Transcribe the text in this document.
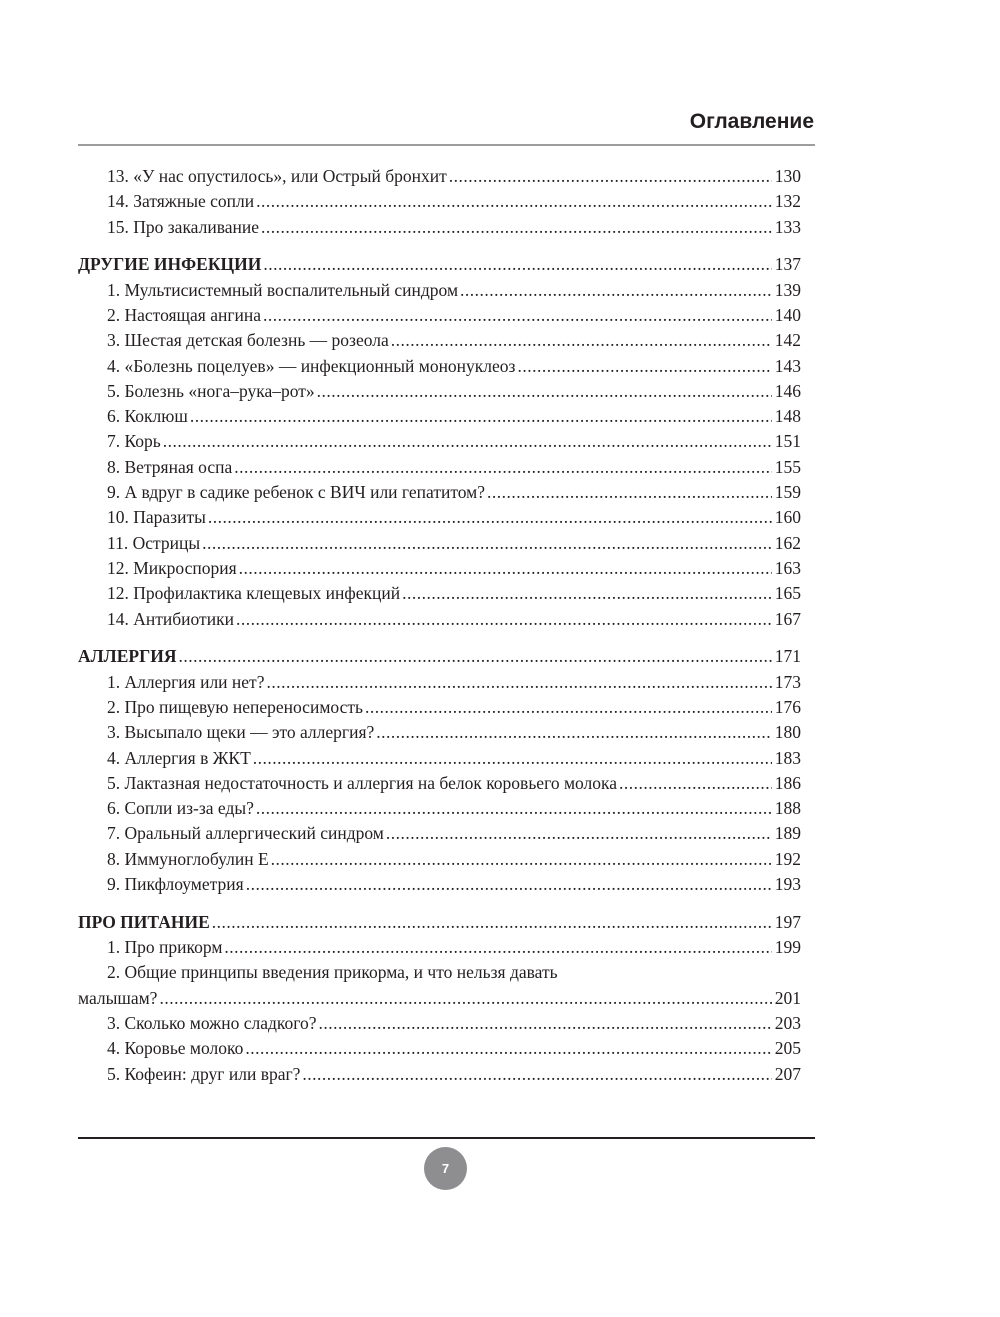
Оглавление
13. «У нас опустилось», или Острый бронхит .....	130
14. Затяжные сопли .....	132
15. Про закаливание .....	133
ДРУГИЕ ИНФЕКЦИИ .....	137
1. Мультисистемный воспалительный синдром .....	139
2. Настоящая ангина .....	140
3. Шестая детская болезнь — розеола .....	142
4. «Болезнь поцелуев» — инфекционный мононуклеоз .....	143
5. Болезнь «нога–рука–рот» .....	146
6. Коклюш .....	148
7. Корь .....	151
8. Ветряная оспа .....	155
9. А вдруг в садике ребенок с ВИЧ или гепатитом? .....	159
10. Паразиты .....	160
11. Острицы .....	162
12. Микроспория .....	163
12. Профилактика клещевых инфекций .....	165
14. Антибиотики .....	167
АЛЛЕРГИЯ .....	171
1. Аллергия или нет? .....	173
2. Про пищевую непереносимость .....	176
3. Высыпало щеки — это аллергия? .....	180
4. Аллергия в ЖКТ .....	183
5. Лактазная недостаточность и аллергия на белок коровьего молока .....	186
6. Сопли из-за еды? .....	188
7. Оральный аллергический синдром .....	189
8. Иммуноглобулин Е .....	192
9. Пикфлоуметрия .....	193
ПРО ПИТАНИЕ .....	197
1. Про прикорм .....	199
2. Общие принципы введения прикорма, и что нельзя давать
малышам? .....	201
3. Сколько можно сладкого? .....	203
4. Коровье молоко .....	205
5. Кофеин: друг или враг? .....	207
7
